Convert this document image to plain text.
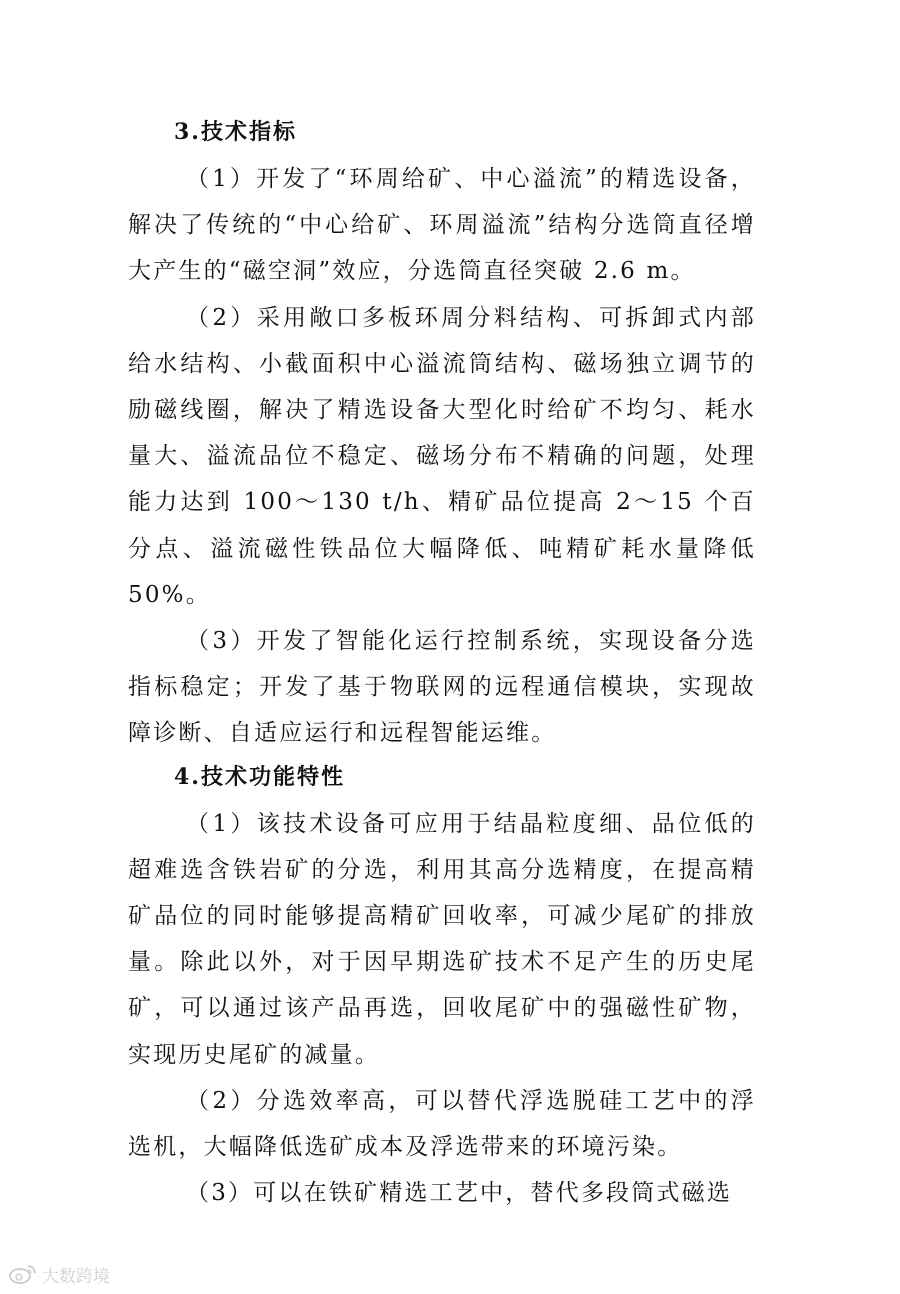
3.技术指标

（1）开发了“环周给矿、中心溢流”的精选设备，解决了传统的“中心给矿、环周溢流”结构分选筒直径增大产生的“磁空洞”效应，分选筒直径突破 2.6 m。

（2）采用敞口多板环周分料结构、可拆卸式内部给水结构、小截面积中心溢流筒结构、磁场独立调节的励磁线圈，解决了精选设备大型化时给矿不均匀、耗水量大、溢流品位不稳定、磁场分布不精确的问题，处理能力达到 100～130 t/h、精矿品位提高 2～15 个百分点、溢流磁性铁品位大幅降低、吨精矿耗水量降低50%。

（3）开发了智能化运行控制系统，实现设备分选指标稳定；开发了基于物联网的远程通信模块，实现故障诊断、自适应运行和远程智能运维。

4.技术功能特性

（1）该技术设备可应用于结晶粒度细、品位低的超难选含铁岩矿的分选，利用其高分选精度，在提高精矿品位的同时能够提高精矿回收率，可减少尾矿的排放量。除此以外，对于因早期选矿技术不足产生的历史尾矿，可以通过该产品再选，回收尾矿中的强磁性矿物，实现历史尾矿的减量。

（2）分选效率高，可以替代浮选脱硅工艺中的浮选机，大幅降低选矿成本及浮选带来的环境污染。

（3）可以在铁矿精选工艺中，替代多段筒式磁选

大数跨境
